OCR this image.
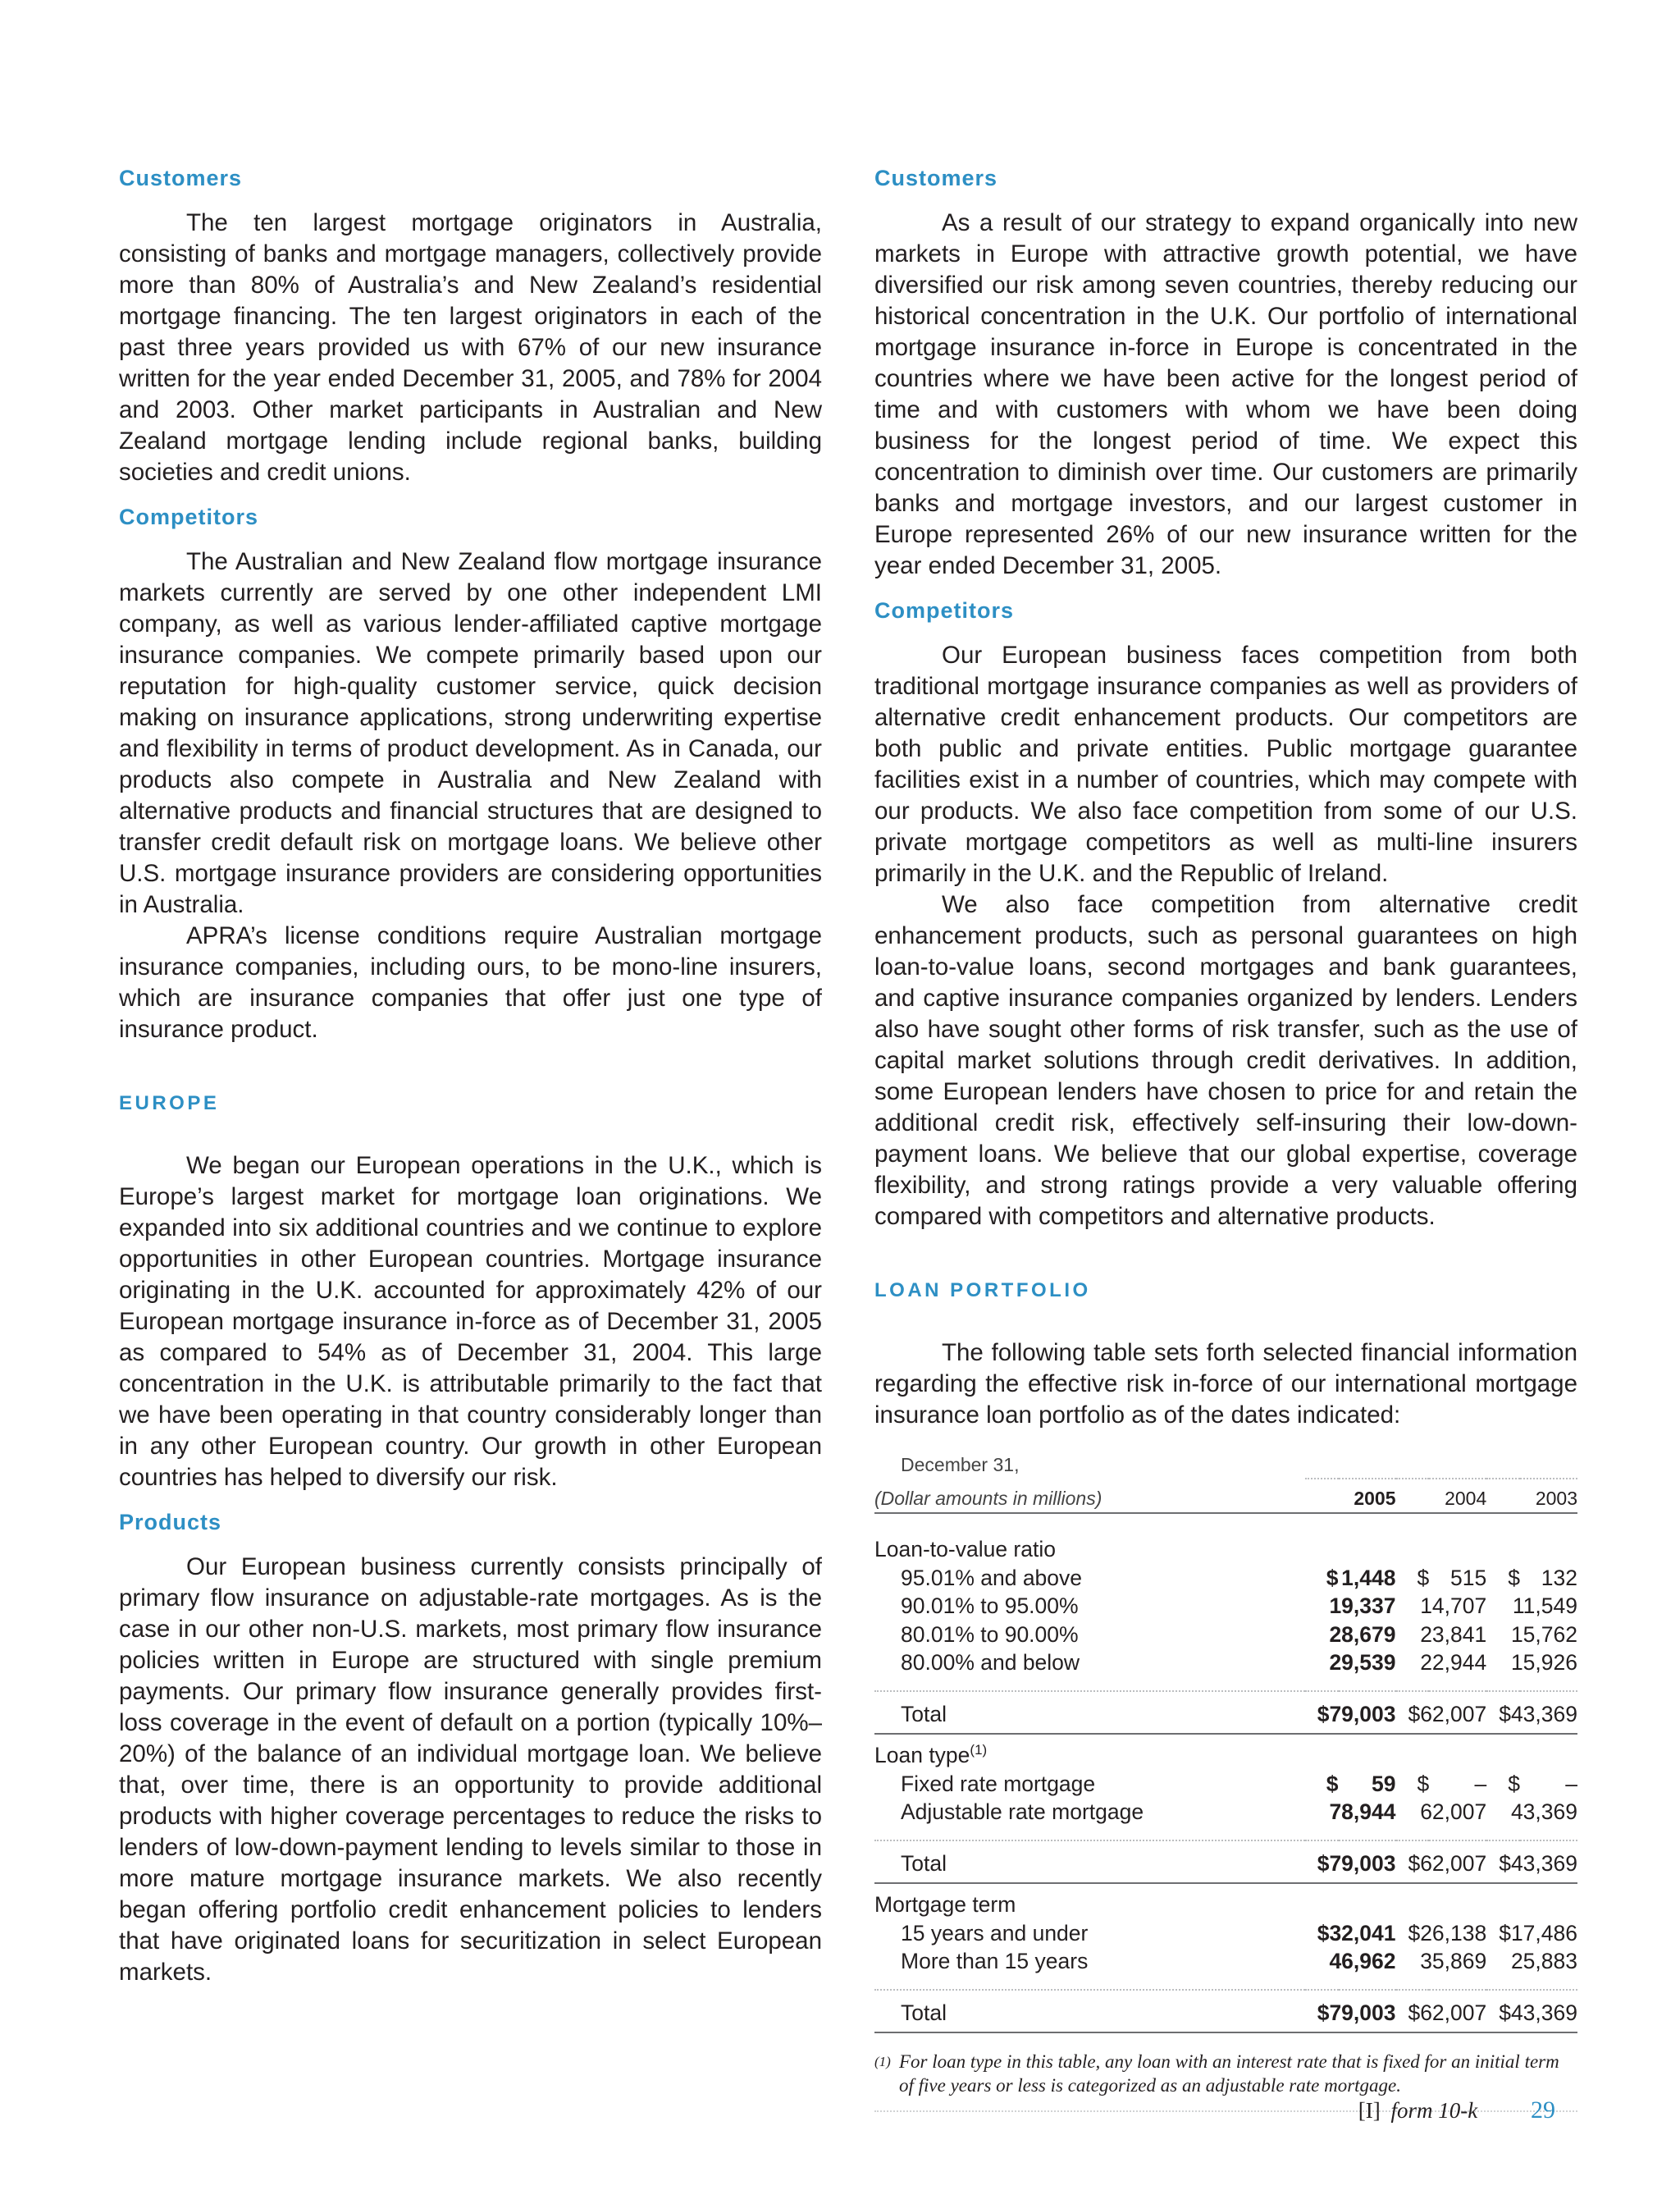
Customers

The ten largest mortgage originators in Australia, consisting of banks and mortgage managers, collectively provide more than 80% of Australia’s and New Zealand’s residential mortgage financing. The ten largest originators in each of the past three years provided us with 67% of our new insurance written for the year ended December 31, 2005, and 78% for 2004 and 2003. Other market participants in Australian and New Zealand mortgage lending include regional banks, building societies and credit unions.

Competitors

The Australian and New Zealand flow mortgage insurance markets currently are served by one other independent LMI company, as well as various lender-affiliated captive mortgage insurance companies. We compete primarily based upon our reputation for high-quality customer service, quick decision making on insurance applications, strong underwriting expertise and flexibility in terms of product development. As in Canada, our products also compete in Australia and New Zealand with alternative products and financial structures that are designed to transfer credit default risk on mortgage loans. We believe other U.S. mortgage insurance providers are considering opportunities in Australia.

APRA’s license conditions require Australian mortgage insurance companies, including ours, to be mono-line insurers, which are insurance companies that offer just one type of insurance product.

EUROPE

We began our European operations in the U.K., which is Europe’s largest market for mortgage loan originations. We expanded into six additional countries and we continue to explore opportunities in other European countries. Mortgage insurance originating in the U.K. accounted for approximately 42% of our European mortgage insurance in-force as of December 31, 2005 as compared to 54% as of December 31, 2004. This large concentration in the U.K. is attributable primarily to the fact that we have been operating in that country considerably longer than in any other European country. Our growth in other European countries has helped to diversify our risk.

Products

Our European business currently consists principally of primary flow insurance on adjustable-rate mortgages. As is the case in our other non-U.S. markets, most primary flow insurance policies written in Europe are structured with single premium payments. Our primary flow insurance generally provides first-loss coverage in the event of default on a portion (typically 10%–20%) of the balance of an individual mortgage loan. We believe that, over time, there is an opportunity to provide additional products with higher coverage percentages to reduce the risks to lenders of low-down-payment lending to levels similar to those in more mature mortgage insurance markets. We also recently began offering portfolio credit enhancement policies to lenders that have originated loans for securitization in select European markets.

Customers

As a result of our strategy to expand organically into new markets in Europe with attractive growth potential, we have diversified our risk among seven countries, thereby reducing our historical concentration in the U.K. Our portfolio of international mortgage insurance in-force in Europe is concentrated in the countries where we have been active for the longest period of time and with customers with whom we have been doing business for the longest period of time. We expect this concentration to diminish over time. Our customers are primarily banks and mortgage investors, and our largest customer in Europe represented 26% of our new insurance written for the year ended December 31, 2005.

Competitors

Our European business faces competition from both traditional mortgage insurance companies as well as providers of alternative credit enhancement products. Our competitors are both public and private entities. Public mortgage guarantee facilities exist in a number of countries, which may compete with our products. We also face competition from some of our U.S. private mortgage competitors as well as multi-line insurers primarily in the U.K. and the Republic of Ireland.

We also face competition from alternative credit enhancement products, such as personal guarantees on high loan-to-value loans, second mortgages and bank guarantees, and captive insurance companies organized by lenders. Lenders also have sought other forms of risk transfer, such as the use of capital market solutions through credit derivatives. In addition, some European lenders have chosen to price for and retain the additional credit risk, effectively self-insuring their low-down-payment loans. We believe that our global expertise, coverage flexibility, and strong ratings provide a very valuable offering compared with competitors and alternative products.

LOAN PORTFOLIO

The following table sets forth selected financial information regarding the effective risk in-force of our international mortgage insurance loan portfolio as of the dates indicated:

December 31,						
(Dollar amounts in millions)	2005		2004		2003	
Loan-to-value ratio						
95.01% and above	$	1,448	$	515	$	132
90.01% to 95.00%	19,337		14,707		11,549	
80.01% to 90.00%	28,679		23,841		15,762	
80.00% and below	29,539		22,944		15,926	

Total	$79,003		$62,007		$43,369	
Loan type$^{(1)}$
Fixed rate mortgage	$	59	$	–	$	–
Adjustable rate mortgage	78,944		62,007		43,369	

Total	$79,003		$62,007		$43,369	
Mortgage term						
15 years and under	$32,041		$26,138		$17,486	
More than 15 years	46,962		35,869		25,883	

Total	$79,003		$62,007		$43,369	
(1) For loan type in this table, any loan with an interest rate that is fixed for an initial term of five years or less is categorized as an adjustable rate mortgage.
[I] form 10-k 29
